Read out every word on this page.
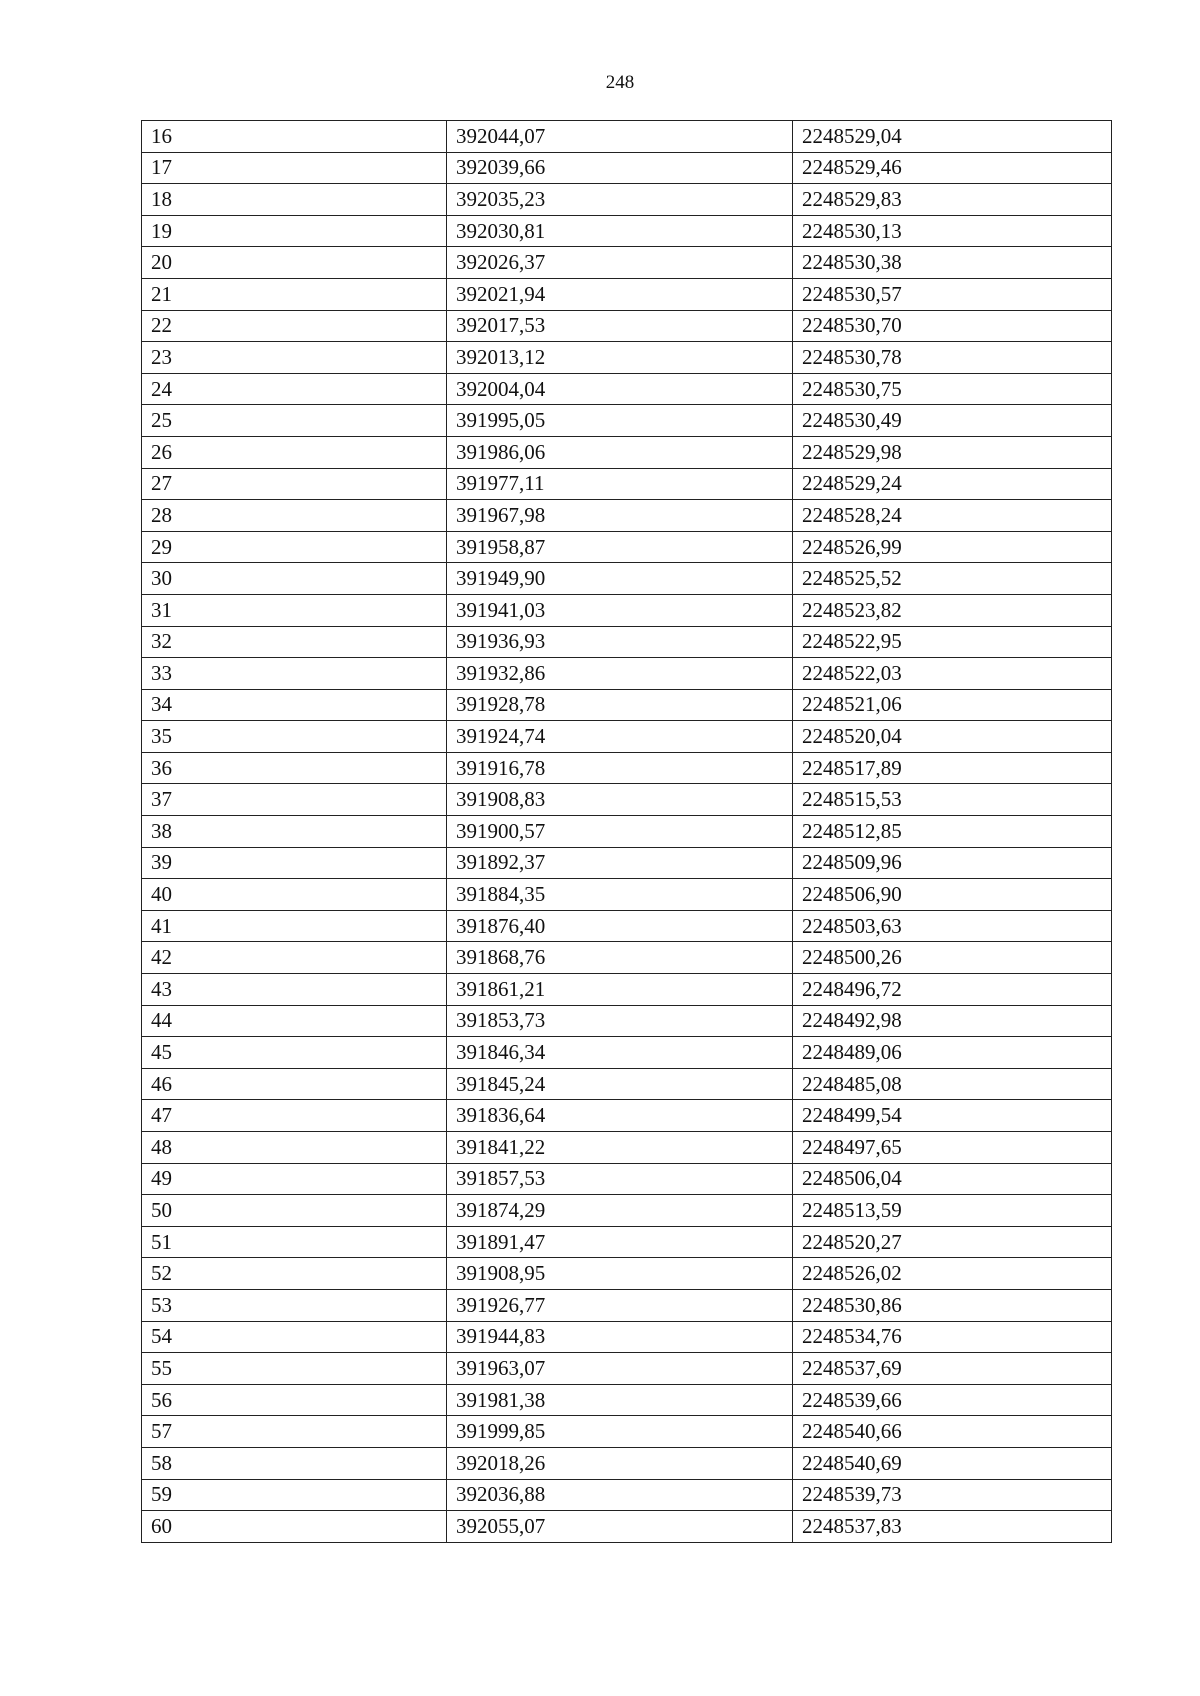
248
16	392044,07	2248529,04
17	392039,66	2248529,46
18	392035,23	2248529,83
19	392030,81	2248530,13
20	392026,37	2248530,38
21	392021,94	2248530,57
22	392017,53	2248530,70
23	392013,12	2248530,78
24	392004,04	2248530,75
25	391995,05	2248530,49
26	391986,06	2248529,98
27	391977,11	2248529,24
28	391967,98	2248528,24
29	391958,87	2248526,99
30	391949,90	2248525,52
31	391941,03	2248523,82
32	391936,93	2248522,95
33	391932,86	2248522,03
34	391928,78	2248521,06
35	391924,74	2248520,04
36	391916,78	2248517,89
37	391908,83	2248515,53
38	391900,57	2248512,85
39	391892,37	2248509,96
40	391884,35	2248506,90
41	391876,40	2248503,63
42	391868,76	2248500,26
43	391861,21	2248496,72
44	391853,73	2248492,98
45	391846,34	2248489,06
46	391845,24	2248485,08
47	391836,64	2248499,54
48	391841,22	2248497,65
49	391857,53	2248506,04
50	391874,29	2248513,59
51	391891,47	2248520,27
52	391908,95	2248526,02
53	391926,77	2248530,86
54	391944,83	2248534,76
55	391963,07	2248537,69
56	391981,38	2248539,66
57	391999,85	2248540,66
58	392018,26	2248540,69
59	392036,88	2248539,73
60	392055,07	2248537,83
